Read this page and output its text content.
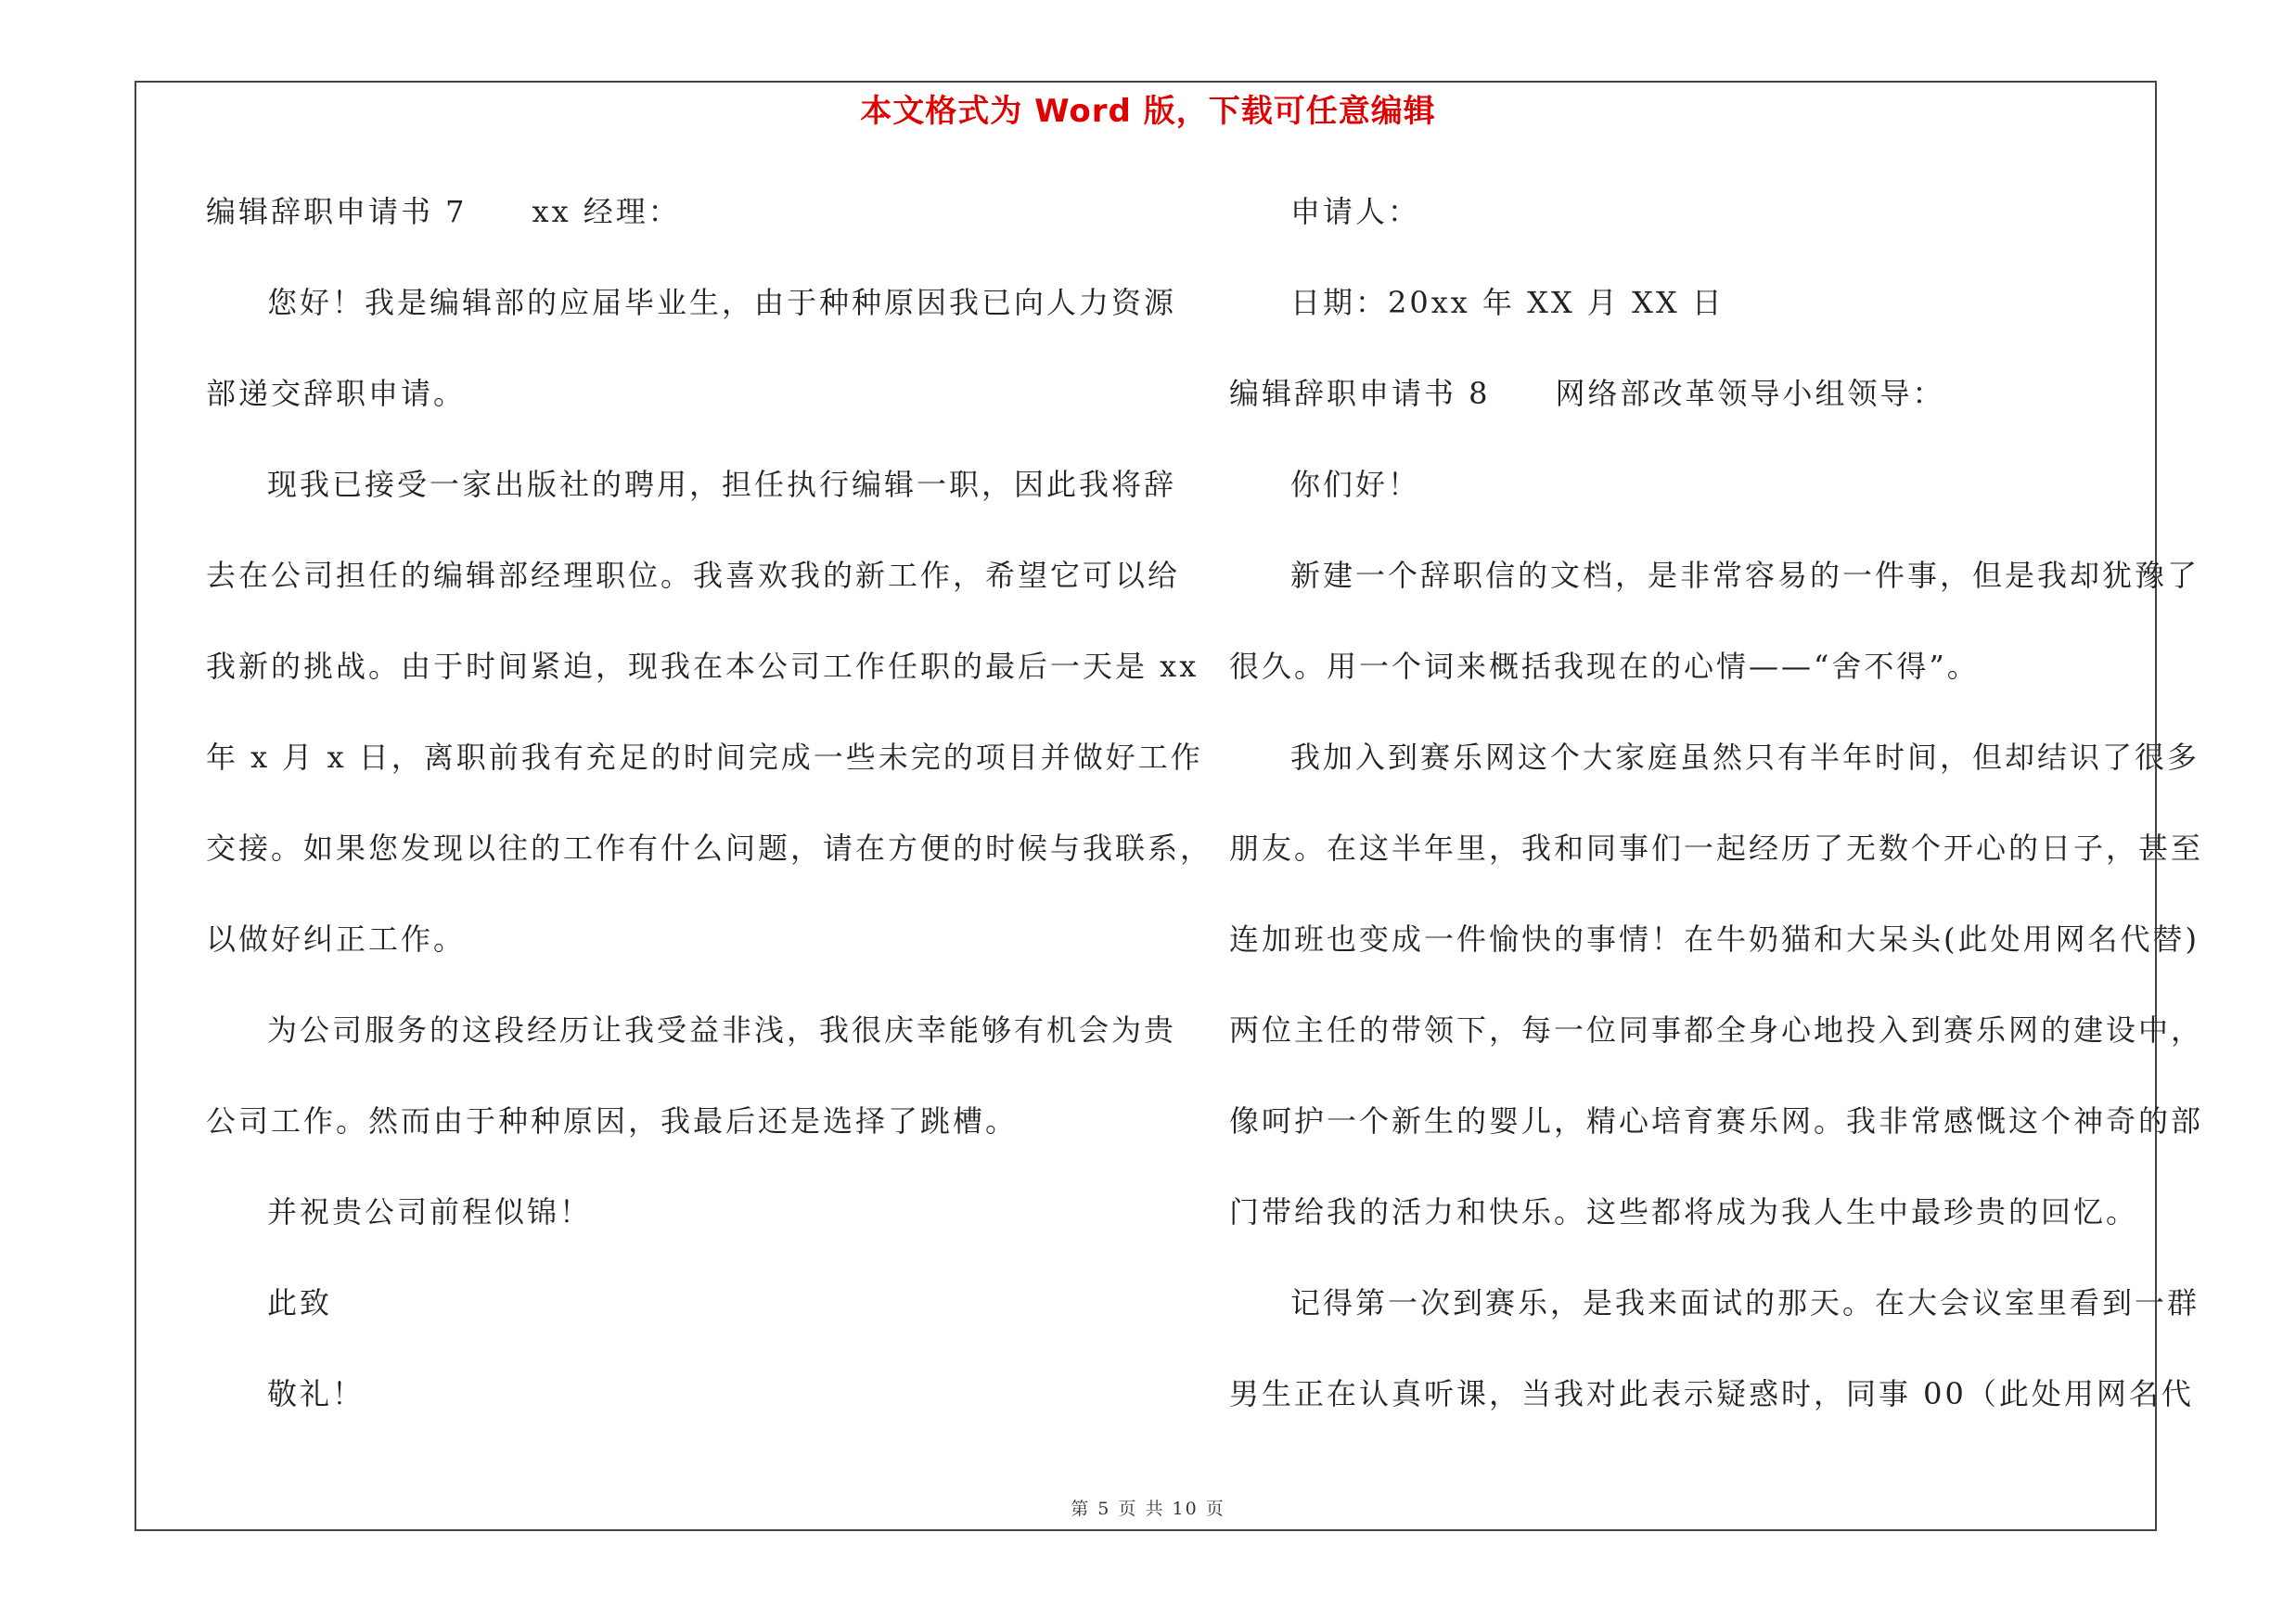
本文格式为 Word 版，下载可任意编辑
编辑辞职申请书 7　　xx 经理：
您好！我是编辑部的应届毕业生，由于种种原因我已向人力资源
部递交辞职申请。
现我已接受一家出版社的聘用，担任执行编辑一职，因此我将辞
去在公司担任的编辑部经理职位。我喜欢我的新工作，希望它可以给
我新的挑战。由于时间紧迫，现我在本公司工作任职的最后一天是 xx
年 x 月 x 日，离职前我有充足的时间完成一些未完的项目并做好工作
交接。如果您发现以往的工作有什么问题，请在方便的时候与我联系，
以做好纠正工作。
为公司服务的这段经历让我受益非浅，我很庆幸能够有机会为贵
公司工作。然而由于种种原因，我最后还是选择了跳槽。
并祝贵公司前程似锦！
此致
敬礼！
申请人：
日期：20xx 年 XX 月 XX 日
编辑辞职申请书 8　　网络部改革领导小组领导：
你们好！
新建一个辞职信的文档，是非常容易的一件事，但是我却犹豫了
很久。用一个词来概括我现在的心情——“舍不得”。
我加入到赛乐网这个大家庭虽然只有半年时间，但却结识了很多
朋友。在这半年里，我和同事们一起经历了无数个开心的日子，甚至
连加班也变成一件愉快的事情！在牛奶猫和大呆头(此处用网名代替)
两位主任的带领下，每一位同事都全身心地投入到赛乐网的建设中，
像呵护一个新生的婴儿，精心培育赛乐网。我非常感慨这个神奇的部
门带给我的活力和快乐。这些都将成为我人生中最珍贵的回忆。
记得第一次到赛乐，是我来面试的那天。在大会议室里看到一群
男生正在认真听课，当我对此表示疑惑时，同事 00（此处用网名代
第 5 页 共 10 页
